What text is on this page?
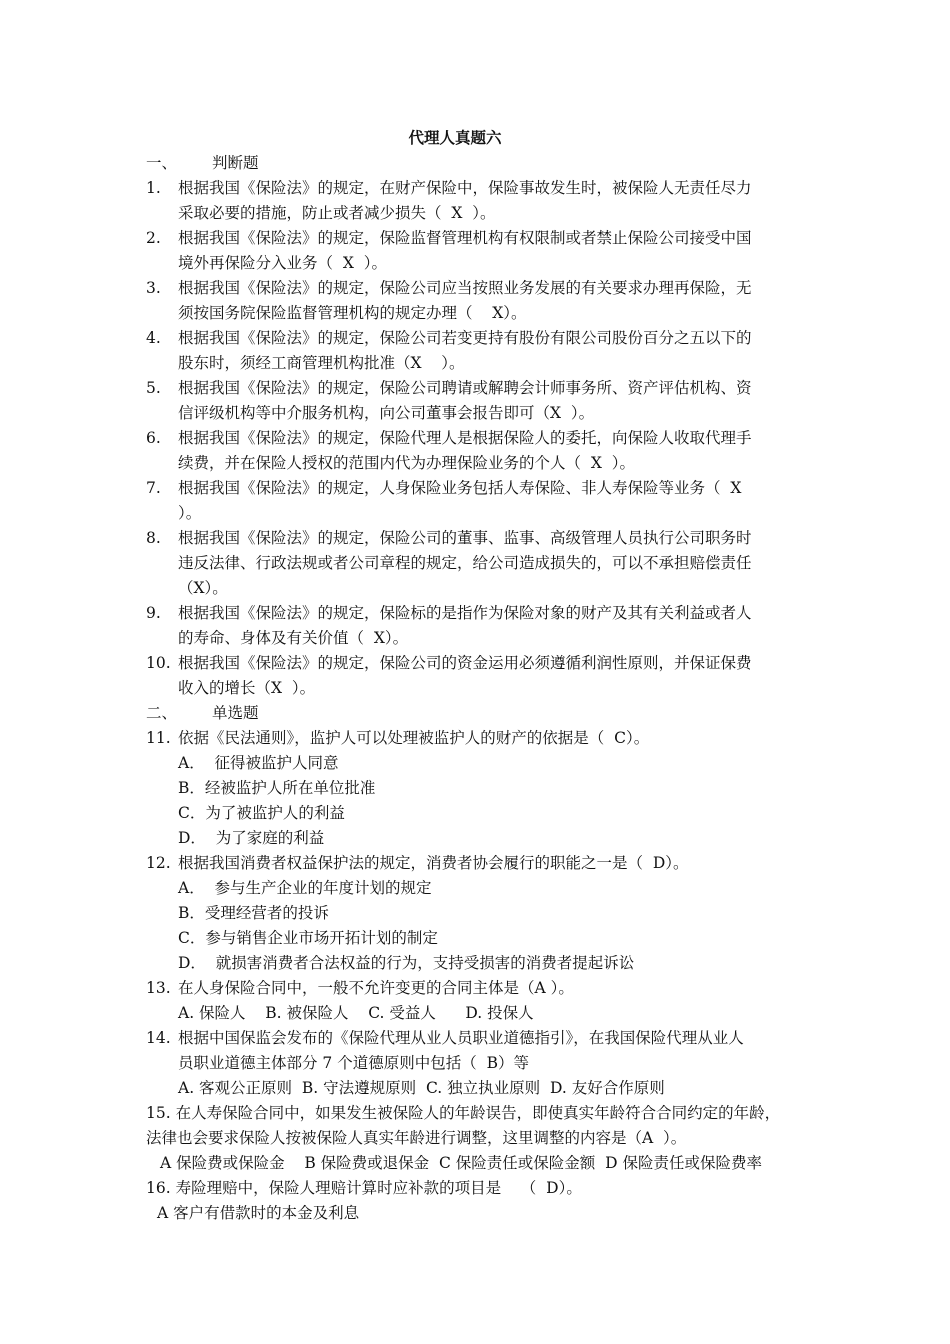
代理人真题六
一、 判断题
1. 根据我国《保险法》的规定，在财产保险中，保险事故发生时，被保险人无责任尽力
采取必要的措施，防止或者减少损失（  X  ）。
2. 根据我国《保险法》的规定，保险监督管理机构有权限制或者禁止保险公司接受中国
境外再保险分入业务（  X  ）。
3. 根据我国《保险法》的规定，保险公司应当按照业务发展的有关要求办理再保险，无
须按国务院保险监督管理机构的规定办理（    X）。
4. 根据我国《保险法》的规定，保险公司若变更持有股份有限公司股份百分之五以下的
股东时，须经工商管理机构批准（X    ）。
5. 根据我国《保险法》的规定，保险公司聘请或解聘会计师事务所、资产评估机构、资
信评级机构等中介服务机构，向公司董事会报告即可（X  ）。
6. 根据我国《保险法》的规定，保险代理人是根据保险人的委托，向保险人收取代理手
续费，并在保险人授权的范围内代为办理保险业务的个人（  X  ）。
7. 根据我国《保险法》的规定，人身保险业务包括人寿保险、非人寿保险等业务（  X
）。
8. 根据我国《保险法》的规定，保险公司的董事、监事、高级管理人员执行公司职务时
违反法律、行政法规或者公司章程的规定，给公司造成损失的，可以不承担赔偿责任
（X）。
9. 根据我国《保险法》的规定，保险标的是指作为保险对象的财产及其有关利益或者人
的寿命、身体及有关价值（  X）。
10. 根据我国《保险法》的规定，保险公司的资金运用必须遵循利润性原则，并保证保费
收入的增长（X  ）。
二、 单选题
11. 依据《民法通则》，监护人可以处理被监护人的财产的依据是（  C）。
A．  征得被监护人同意
B．经被监护人所在单位批准
C．为了被监护人的利益
D．  为了家庭的利益
12. 根据我国消费者权益保护法的规定，消费者协会履行的职能之一是（  D）。
A．  参与生产企业的年度计划的规定
B．受理经营者的投诉
C．参与销售企业市场开拓计划的制定
D．  就损害消费者合法权益的行为，支持受损害的消费者提起诉讼
13. 在人身保险合同中，一般不允许变更的合同主体是（A ）。
A. 保险人    B. 被保险人    C. 受益人      D. 投保人
14. 根据中国保监会发布的《保险代理从业人员职业道德指引》，在我国保险代理从业人
员职业道德主体部分 7 个道德原则中包括（  B）等
A. 客观公正原则  B. 守法遵规原则  C. 独立执业原则  D. 友好合作原则
15. 在人寿保险合同中，如果发生被保险人的年龄误告，即使真实年龄符合合同约定的年龄，
法律也会要求保险人按被保险人真实年龄进行调整，这里调整的内容是（A  ）。
A 保险费或保险金    B 保险费或退保金  C 保险责任或保险金额  D 保险责任或保险费率
16. 寿险理赔中，保险人理赔计算时应补款的项目是    （  D）。
A 客户有借款时的本金及利息
